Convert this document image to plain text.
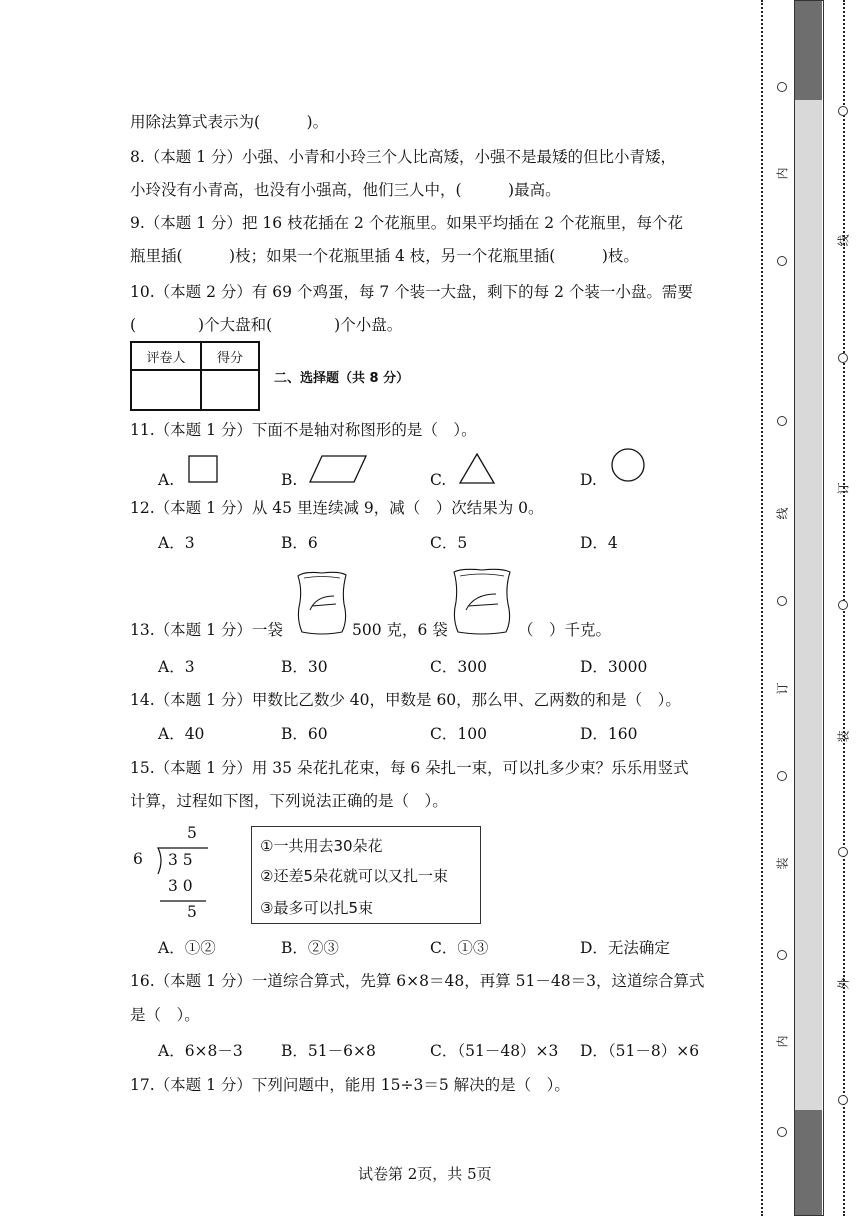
用除法算式表示为(　　　)。
8.（本题 1 分）小强、小青和小玲三个人比高矮，小强不是最矮的但比小青矮，
小玲没有小青高，也没有小强高，他们三人中，(　　　)最高。
9.（本题 1 分）把 16 枝花插在 2 个花瓶里。如果平均插在 2 个花瓶里，每个花
瓶里插(　　　)枝；如果一个花瓶里插 4 枝，另一个花瓶里插(　　　)枝。
10.（本题 2 分）有 69 个鸡蛋，每 7 个装一大盘，剩下的每 2 个装一小盘。需要
(　　　　)个大盘和(　　　　)个小盘。
评卷人	得分

二、选择题（共 8 分）
11.（本题 1 分）下面不是轴对称图形的是（　）。
A.	B.	C.	D.
12.（本题 1 分）从 45 里连续减 9，减（　）次结果为 0。
A．3	B．6	C．5	D．4
13.（本题 1 分）一袋	500 克，6 袋	（　）千克。
A．3	B．30	C．300	D．3000
14.（本题 1 分）甲数比乙数少 40，甲数是 60，那么甲、乙两数的和是（　）。
A．40	B．60	C．100	D．160
15.（本题 1 分）用 35 朵花扎花束，每 6 朵扎一束，可以扎多少束？乐乐用竖式
计算，过程如下图，下列说法正确的是（　）。
5
6 3 5
3 0
5
①一共用去30朵花
②还差5朵花就可以又扎一束
③最多可以扎5束
A．①②	B．②③	C．①③	D．无法确定
16.（本题 1 分）一道综合算式，先算 6×8＝48，再算 51－48＝3，这道综合算式
是（　）。
A．6×8－3 B．51－6×8	C．（51－48）×3 D．（51－8）×6
17.（本题 1 分）下列问题中，能用 15÷3＝5 解决的是（　）。
试卷第 2页，共 5页
内
线
订
装
内
线
订
装
外
